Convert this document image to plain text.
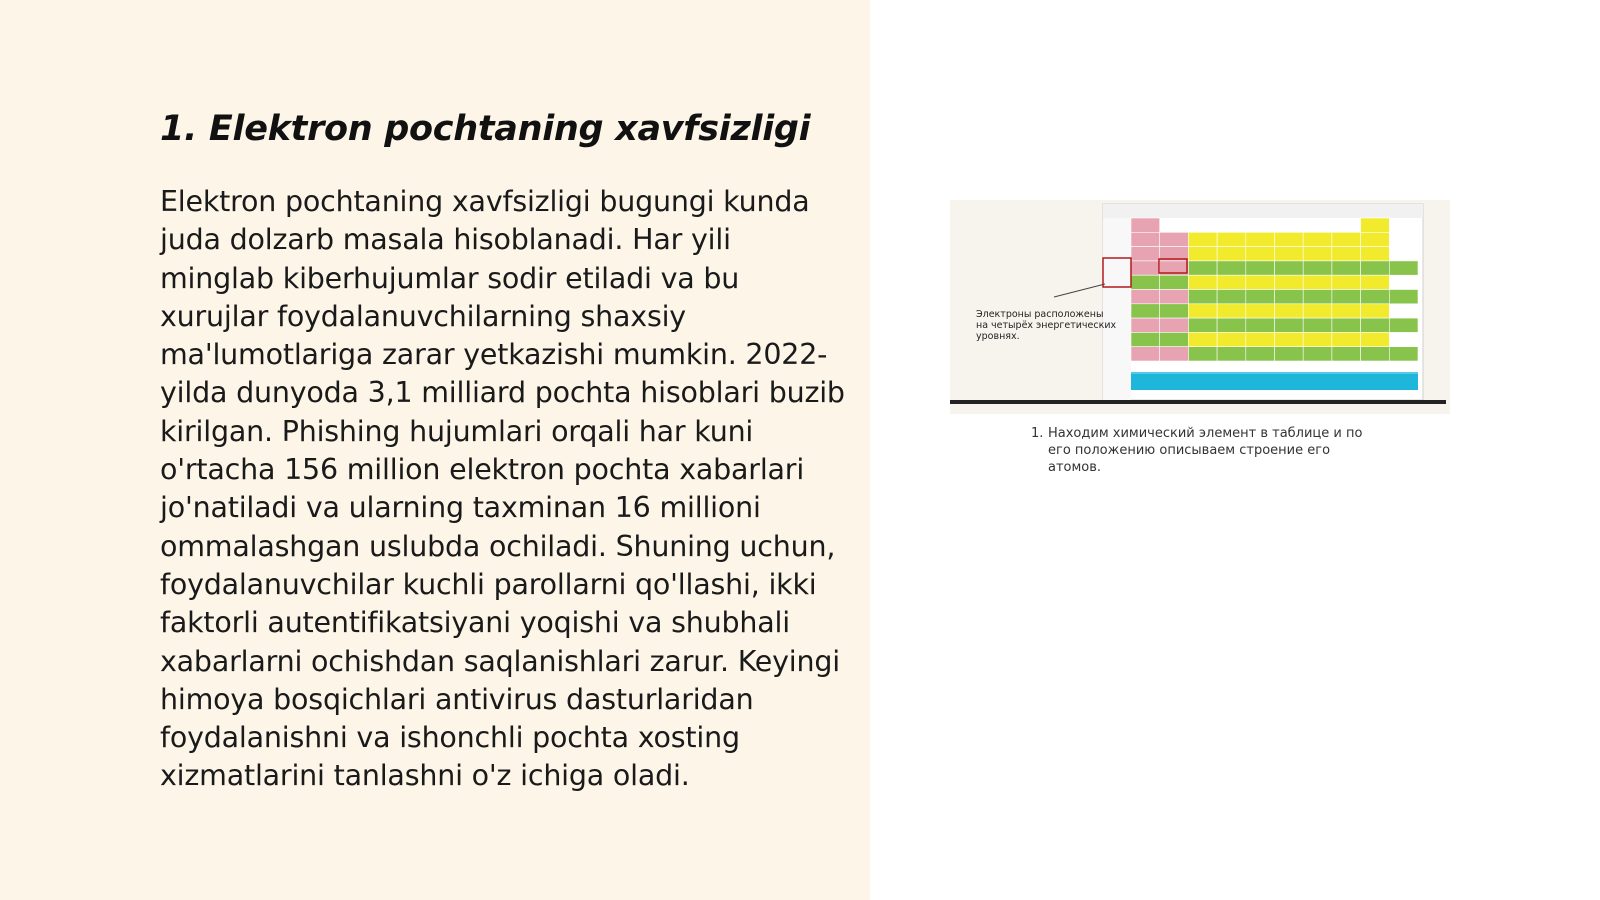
1. Elektron pochtaning xavfsizligi

Elektron pochtaning xavfsizligi bugungi kunda juda dolzarb masala hisoblanadi. Har yili minglab kiberhujumlar sodir etiladi va bu xurujlar foydalanuvchilarning shaxsiy ma'lumotlariga zarar yetkazishi mumkin. 2022-yilda dunyoda 3,1 milliard pochta hisoblari buzib kirilgan. Phishing hujumlari orqali har kuni o'rtacha 156 million elektron pochta xabarlari jo'natiladi va ularning taxminan 16 millioni ommalashgan uslubda ochiladi. Shuning uchun, foydalanuvchilar kuchli parollarni qo'llashi, ikki faktorli autentifikatsiyani yoqishi va shubhali xabarlarni ochishdan saqlanishlari zarur. Keyingi himoya bosqichlari antivirus dasturlaridan foydalanishni va ishonchli pochta xosting xizmatlarini tanlashni o'z ichiga oladi.

Электроны расположены
на четырёх энергетических
уровнях.
1. Находим химический элемент в таблице и по его положению описываем строение его атомов.
